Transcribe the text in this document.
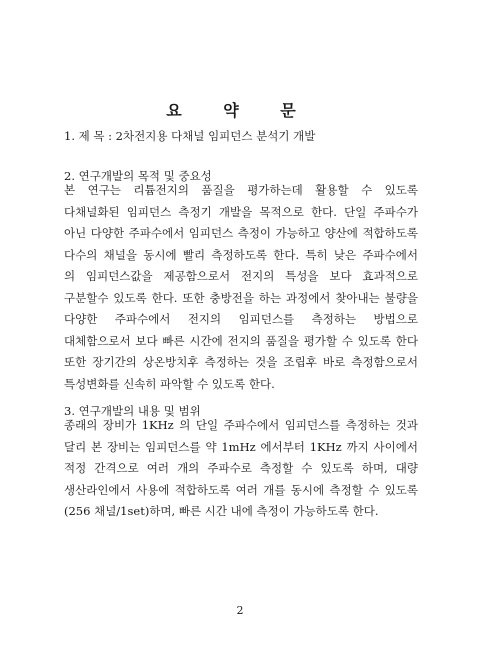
요 약 문
1. 제 목 : 2차전지용 다채널 임피던스 분석기 개발
2. 연구개발의 목적 및 중요성
본 연구는 리튬전지의 품질을 평가하는데 활용할 수 있도록
다채널화된 임피던스 측정기 개발을 목적으로 한다. 단일 주파수가
아닌 다양한 주파수에서 임피던스 측정이 가능하고 양산에 적합하도록
다수의 채널을 동시에 빨리 측정하도록 한다. 특히 낮은 주파수에서
의 임피던스값을 제공함으로서 전지의 특성을 보다 효과적으로
구분할수 있도록 한다. 또한 충방전을 하는 과정에서 찾아내는 불량을
다양한 주파수에서 전지의 임피던스를 측정하는 방법으로
대체함으로서 보다 빠른 시간에 전지의 품질을 평가할 수 있도록 한다
또한 장기간의 상온방치후 측정하는 것을 조립후 바로 측정함으로서
특성변화를 신속히 파악할 수 있도록 한다.
3. 연구개발의 내용 및 범위
종래의 장비가 1KHz 의 단일 주파수에서 임피던스를 측정하는 것과
달리 본 장비는 임피던스를 약 1mHz 에서부터 1KHz 까지 사이에서
적정 간격으로 여러 개의 주파수로 측정할 수 있도록 하며, 대량
생산라인에서 사용에 적합하도록 여러 개를 동시에 측정할 수 있도록
(256 채널/1set)하며, 빠른 시간 내에 측정이 가능하도록 한다.
2
